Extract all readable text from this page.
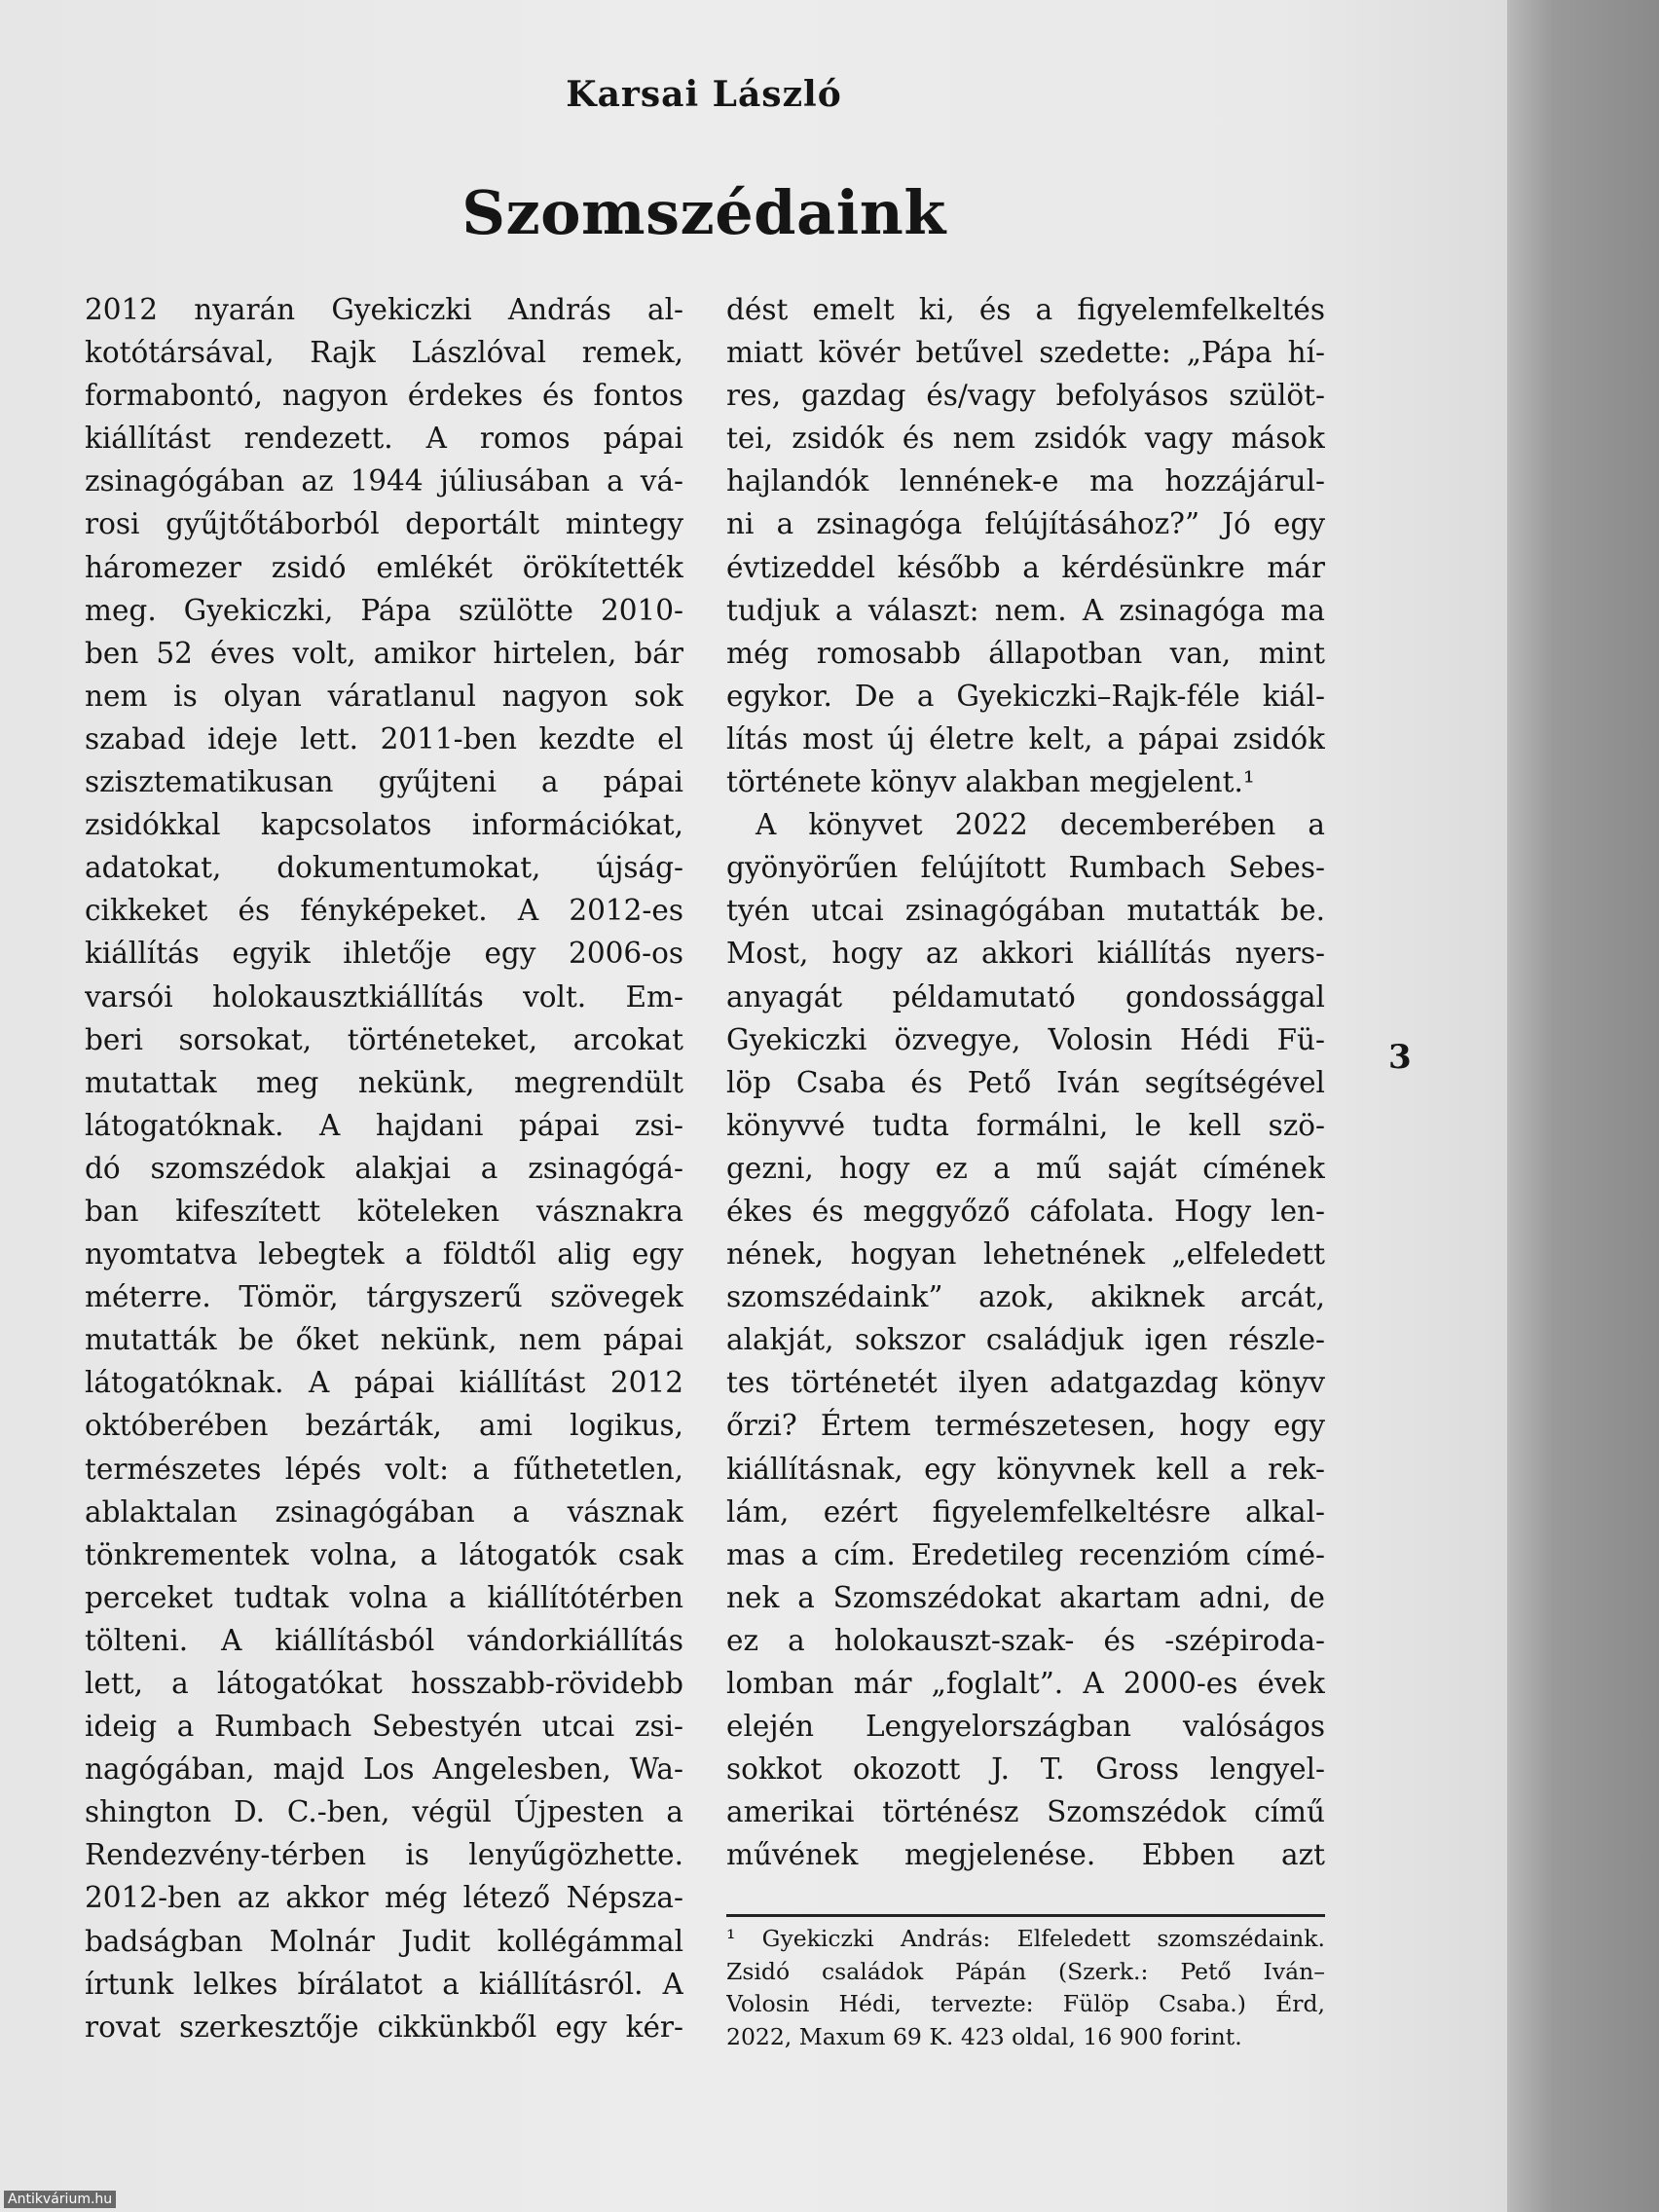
Karsai László
Szomszédaink
2012 nyarán Gyekiczki András al-
kotótársával, Rajk Lászlóval remek,
formabontó, nagyon érdekes és fontos
kiállítást rendezett. A romos pápai
zsinagógában az 1944 júliusában a vá-
rosi gyűjtőtáborból deportált mintegy
háromezer zsidó emlékét örökítették
meg. Gyekiczki, Pápa szülötte 2010-
ben 52 éves volt, amikor hirtelen, bár
nem is olyan váratlanul nagyon sok
szabad ideje lett. 2011-ben kezdte el
szisztematikusan gyűjteni a pápai
zsidókkal kapcsolatos információkat,
adatokat, dokumentumokat, újság-
cikkeket és fényképeket. A 2012-es
kiállítás egyik ihletője egy 2006-os
varsói holokausztkiállítás volt. Em-
beri sorsokat, történeteket, arcokat
mutattak meg nekünk, megrendült
látogatóknak. A hajdani pápai zsi-
dó szomszédok alakjai a zsinagógá-
ban kifeszített köteleken vásznakra
nyomtatva lebegtek a földtől alig egy
méterre. Tömör, tárgyszerű szövegek
mutatták be őket nekünk, nem pápai
látogatóknak. A pápai kiállítást 2012
októberében bezárták, ami logikus,
természetes lépés volt: a fűthetetlen,
ablaktalan zsinagógában a vásznak
tönkrementek volna, a látogatók csak
perceket tudtak volna a kiállítótérben
tölteni. A kiállításból vándorkiállítás
lett, a látogatókat hosszabb-rövidebb
ideig a Rumbach Sebestyén utcai zsi-
nagógában, majd Los Angelesben, Wa-
shington D. C.-ben, végül Újpesten a
Rendezvény-térben is lenyűgözhette.
2012-ben az akkor még létező Népsza-
badságban Molnár Judit kollégámmal
írtunk lelkes bírálatot a kiállításról. A
rovat szerkesztője cikkünkből egy kér-
dést emelt ki, és a figyelemfelkeltés
miatt kövér betűvel szedette: „Pápa hí-
res, gazdag és/vagy befolyásos szülöt-
tei, zsidók és nem zsidók vagy mások
hajlandók lennének-e ma hozzájárul-
ni a zsinagóga felújításához?” Jó egy
évtizeddel később a kérdésünkre már
tudjuk a választ: nem. A zsinagóga ma
még romosabb állapotban van, mint
egykor. De a Gyekiczki–Rajk-féle kiál-
lítás most új életre kelt, a pápai zsidók
története könyv alakban megjelent.¹
A könyvet 2022 decemberében a
gyönyörűen felújított Rumbach Sebes-
tyén utcai zsinagógában mutatták be.
Most, hogy az akkori kiállítás nyers-
anyagát példamutató gondossággal
Gyekiczki özvegye, Volosin Hédi Fü-
löp Csaba és Pető Iván segítségével
könyvvé tudta formálni, le kell szö-
gezni, hogy ez a mű saját címének
ékes és meggyőző cáfolata. Hogy len-
nének, hogyan lehetnének „elfeledett
szomszédaink” azok, akiknek arcát,
alakját, sokszor családjuk igen részle-
tes történetét ilyen adatgazdag könyv
őrzi? Értem természetesen, hogy egy
kiállításnak, egy könyvnek kell a rek-
lám, ezért figyelemfelkeltésre alkal-
mas a cím. Eredetileg recenzióm címé-
nek a Szomszédokat akartam adni, de
ez a holokauszt-szak- és -szépiroda-
lomban már „foglalt”. A 2000-es évek
elején Lengyelországban valóságos
sokkot okozott J. T. Gross lengyel-
amerikai történész Szomszédok című
művének megjelenése. Ebben azt
¹ Gyekiczki András: Elfeledett szomszédaink.
Zsidó családok Pápán (Szerk.: Pető Iván–
Volosin Hédi, tervezte: Fülöp Csaba.) Érd,
2022, Maxum 69 K. 423 oldal, 16 900 forint.
3
Antikvárium.hu
